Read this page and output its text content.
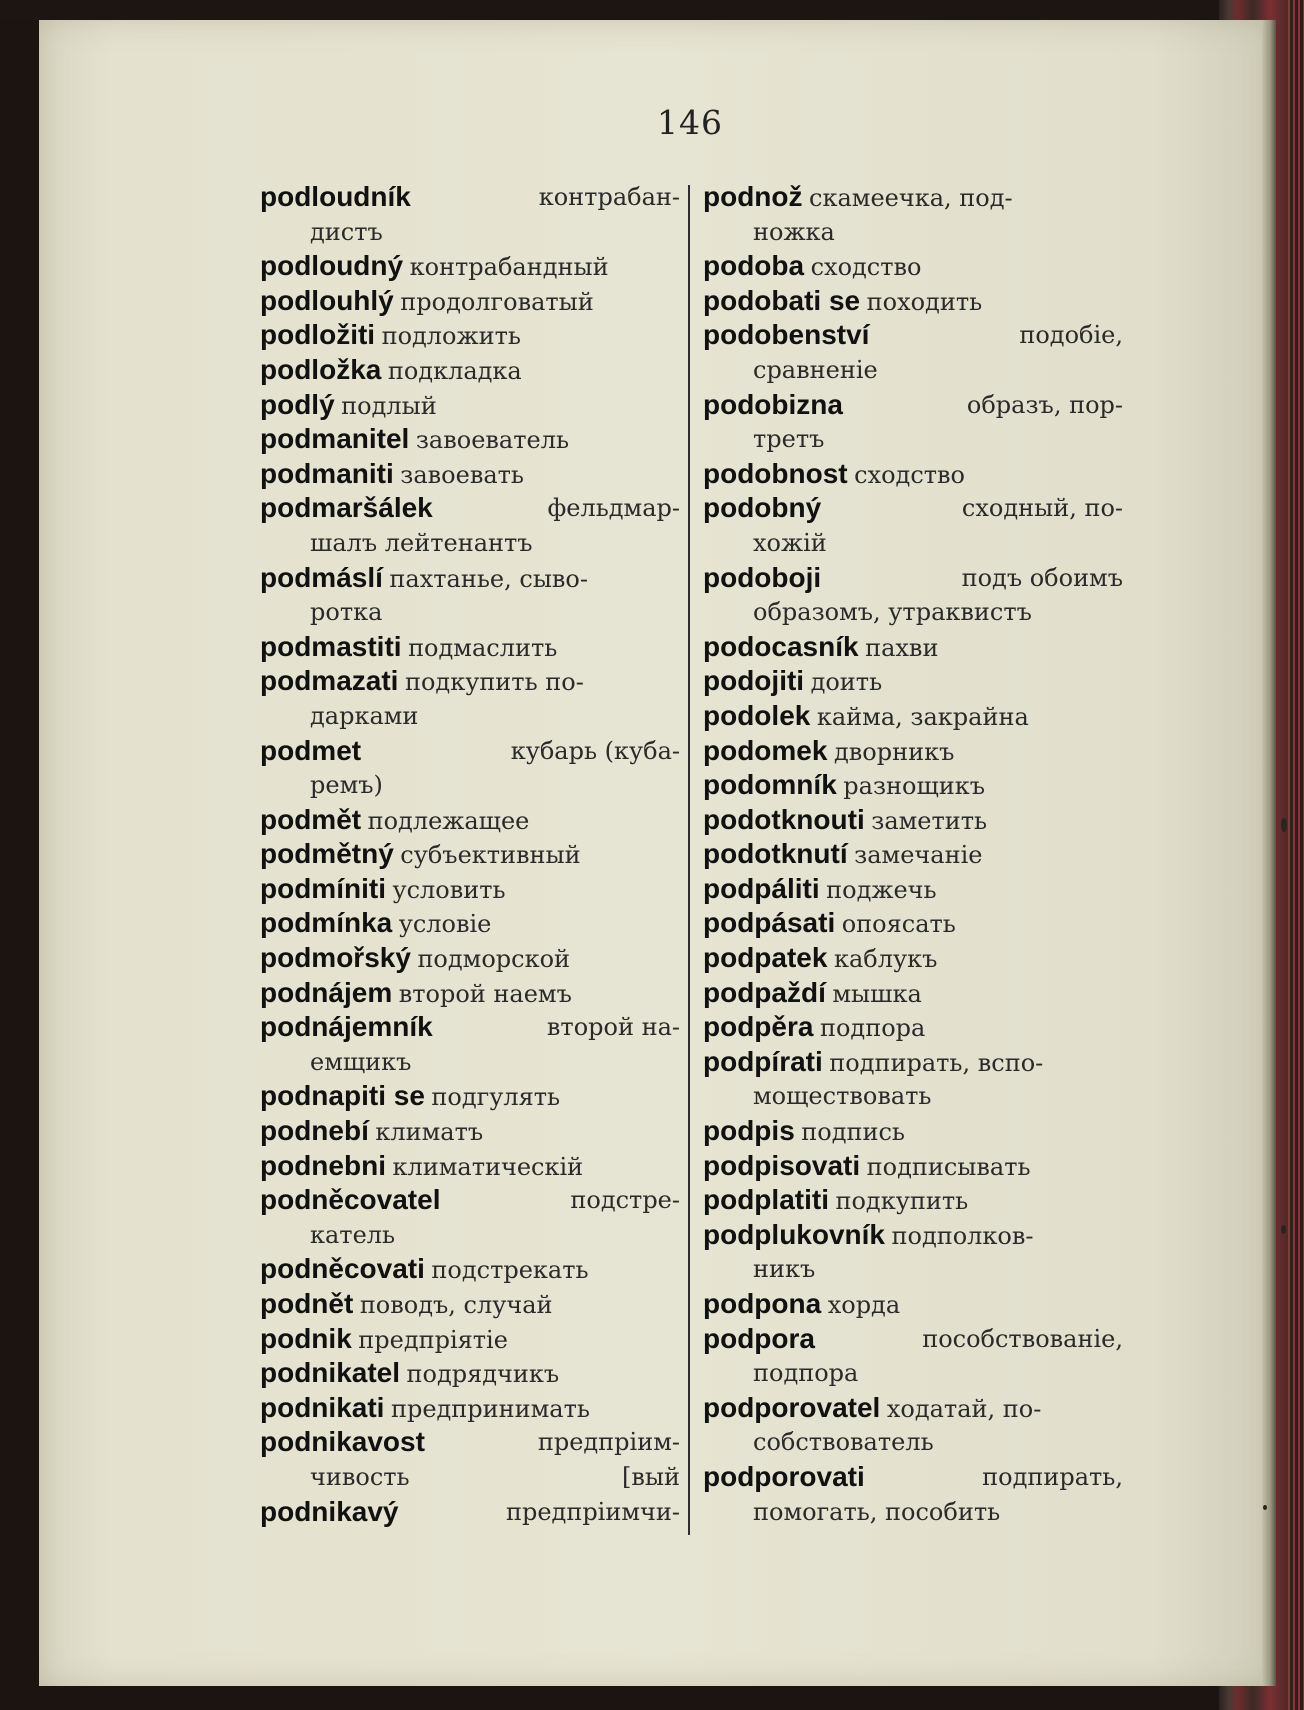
146
podloudník	контрабан-
дистъ
podloudný контрабандный
podlouhlý продолговатый
podložiti подложить
podložka подкладка
podlý подлый
podmanitel завоеватель
podmaniti завоевать
podmaršálek	фельдмар-
шалъ лейтенантъ
podmáslí пахтанье, сыво-
ротка
podmastiti подмаслить
podmazati подкупить по-
дарками
podmet	кубарь (куба-
ремъ)
podmět подлежащее
podmětný субъективный
podmíniti условить
podmínka условіе
podmořský подморской
podnájem второй наемъ
podnájemník	второй на-
емщикъ
podnapiti se подгулять
podnebí климатъ
podnebni климатическій
podněcovatel	подстре-
катель
podněcovati подстрекать
podnět поводъ, случай
podnik предпріятіе
podnikatel подрядчикъ
podnikati предпринимать
podnikavost	предпріим-
чивость	[вый
podnikavý	предпріимчи-
podnož скамеечка, под-
ножка
podoba сходство
podobati se походить
podobenství	подобіе,
сравненіе
podobizna	образъ, пор-
третъ
podobnost сходство
podobný	сходный, по-
хожій
podoboji	подъ обоимъ
образомъ, утраквистъ
podocasník пахви
podojiti доить
podolek кайма, закрайна
podomek дворникъ
podomník разнощикъ
podotknouti заметить
podotknutí замечаніе
podpáliti поджечь
podpásati опоясать
podpatek каблукъ
podpaždí мышка
podpěra подпора
podpírati подпирать, вспо-
моществовать
podpis подпись
podpisovati подписывать
podplatiti подкупить
podplukovník подполков-
никъ
podpona хорда
podpora	пособствованіе,
подпора
podporovatel ходатай, по-
собствователь
podporovati	подпирать,
помогать, пособить
